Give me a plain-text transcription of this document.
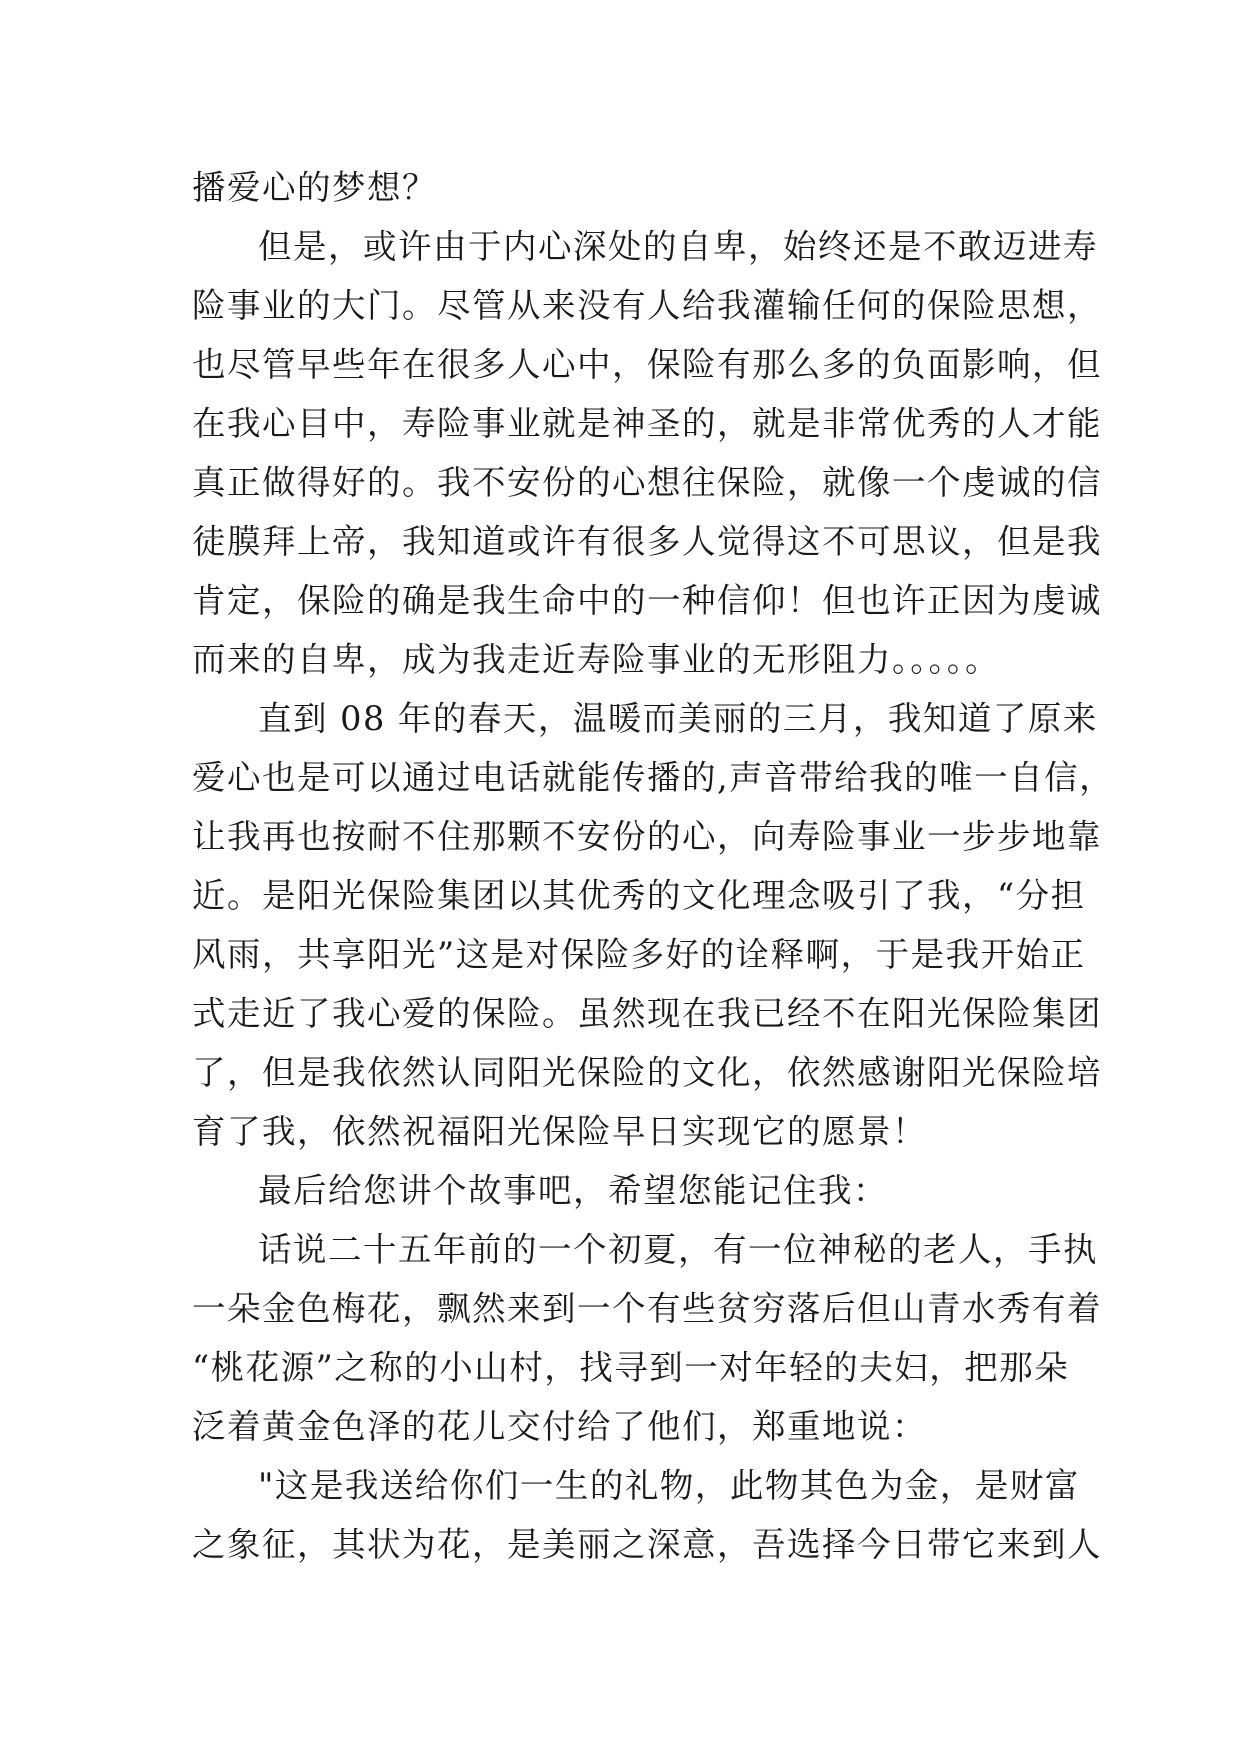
播爱心的梦想？
但是，或许由于内心深处的自卑，始终还是不敢迈进寿
险事业的大门。尽管从来没有人给我灌输任何的保险思想，
也尽管早些年在很多人心中，保险有那么多的负面影响，但
在我心目中，寿险事业就是神圣的，就是非常优秀的人才能
真正做得好的。我不安份的心想往保险，就像一个虔诚的信
徒膜拜上帝，我知道或许有很多人觉得这不可思议，但是我
肯定，保险的确是我生命中的一种信仰！但也许正因为虔诚
而来的自卑，成为我走近寿险事业的无形阻力。。。。。
直到 08 年的春天，温暖而美丽的三月，我知道了原来
爱心也是可以通过电话就能传播的,声音带给我的唯一自信，
让我再也按耐不住那颗不安份的心，向寿险事业一步步地靠
近。是阳光保险集团以其优秀的文化理念吸引了我，“分担
风雨，共享阳光”这是对保险多好的诠释啊，于是我开始正
式走近了我心爱的保险。虽然现在我已经不在阳光保险集团
了，但是我依然认同阳光保险的文化，依然感谢阳光保险培
育了我，依然祝福阳光保险早日实现它的愿景！
最后给您讲个故事吧，希望您能记住我：
话说二十五年前的一个初夏，有一位神秘的老人，手执
一朵金色梅花，飘然来到一个有些贫穷落后但山青水秀有着
“桃花源”之称的小山村，找寻到一对年轻的夫妇，把那朵
泛着黄金色泽的花儿交付给了他们，郑重地说：
"这是我送给你们一生的礼物，此物其色为金，是财富
之象征，其状为花，是美丽之深意，吾选择今日带它来到人
